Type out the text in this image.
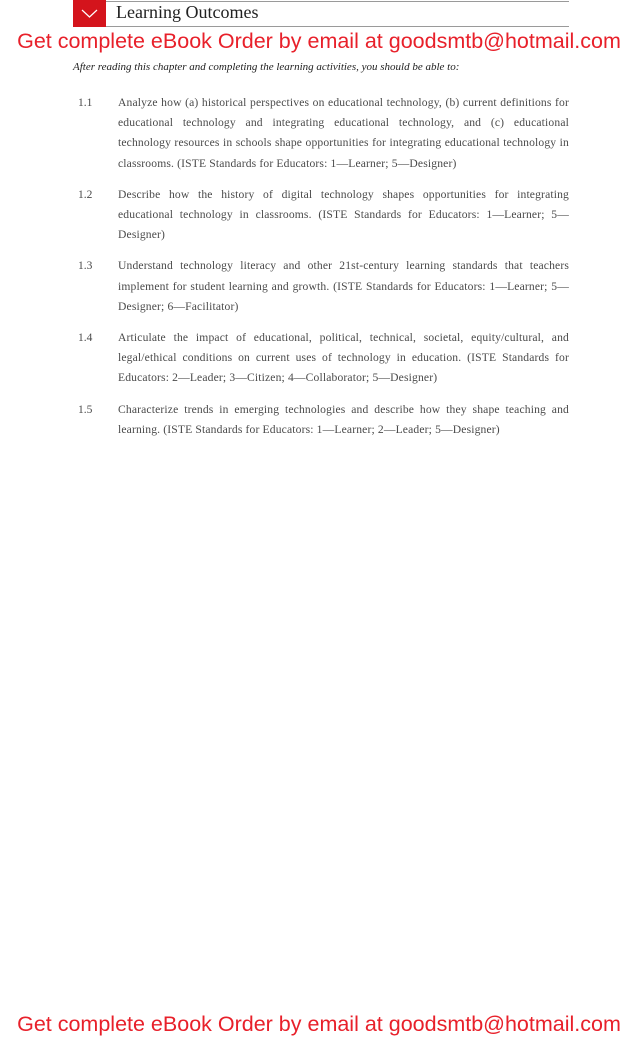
Learning Outcomes
Get complete eBook Order by email at goodsmtb@hotmail.com
After reading this chapter and completing the learning activities, you should be able to:
1.1	Analyze how (a) historical perspectives on educational technology, (b) current definitions for educational technology and integrating educational technology, and (c) educational technology resources in schools shape opportunities for integrating educational technology in classrooms. (ISTE Standards for Educators: 1—Learner; 5—Designer)
1.2	Describe how the history of digital technology shapes opportunities for integrating educational technology in classrooms. (ISTE Standards for Educators: 1—Learner; 5—Designer)
1.3	Understand technology literacy and other 21st-century learning standards that teachers implement for student learning and growth. (ISTE Standards for Educators: 1—Learner; 5—Designer; 6—Facilitator)
1.4	Articulate the impact of educational, political, technical, societal, equity/cultural, and legal/ethical conditions on current uses of technology in education. (ISTE Standards for Educators: 2—Leader; 3—Citizen; 4—Collaborator; 5—Designer)
1.5	Characterize trends in emerging technologies and describe how they shape teaching and learning. (ISTE Standards for Educators: 1—Learner; 2—Leader; 5—Designer)
Get complete eBook Order by email at goodsmtb@hotmail.com
